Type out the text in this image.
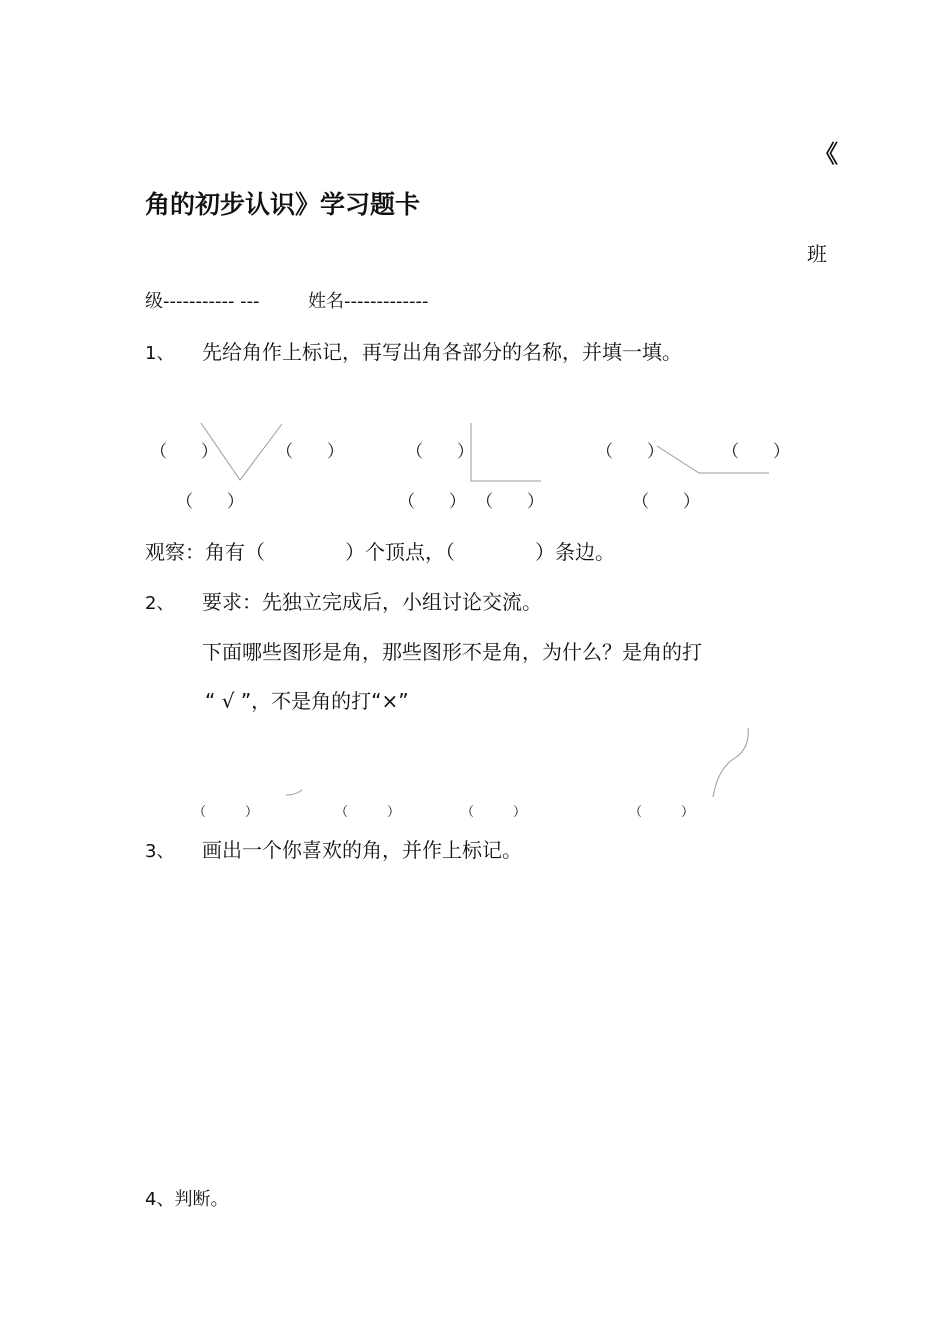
《
角的初步认识》学习题卡
班
级----------- ---	姓名-------------
1、 先给角作上标记，再写出角各部分的名称，并填一填。
（　　）	（　　）	（　　）	（　　）	（　　）
（　　）	（　　） （　　）	（　　）
观察：角有（　　　　）个顶点，（　　　　）条边。
2、 要求：先独立完成后，小组讨论交流。
下面哪些图形是角，那些图形不是角，为什么？是角的打
“ √ ”，不是角的打“×”
（　　　）	（　　　）	（　　　）	（　　　）
3、 画出一个你喜欢的角，并作上标记。
4、判断。
